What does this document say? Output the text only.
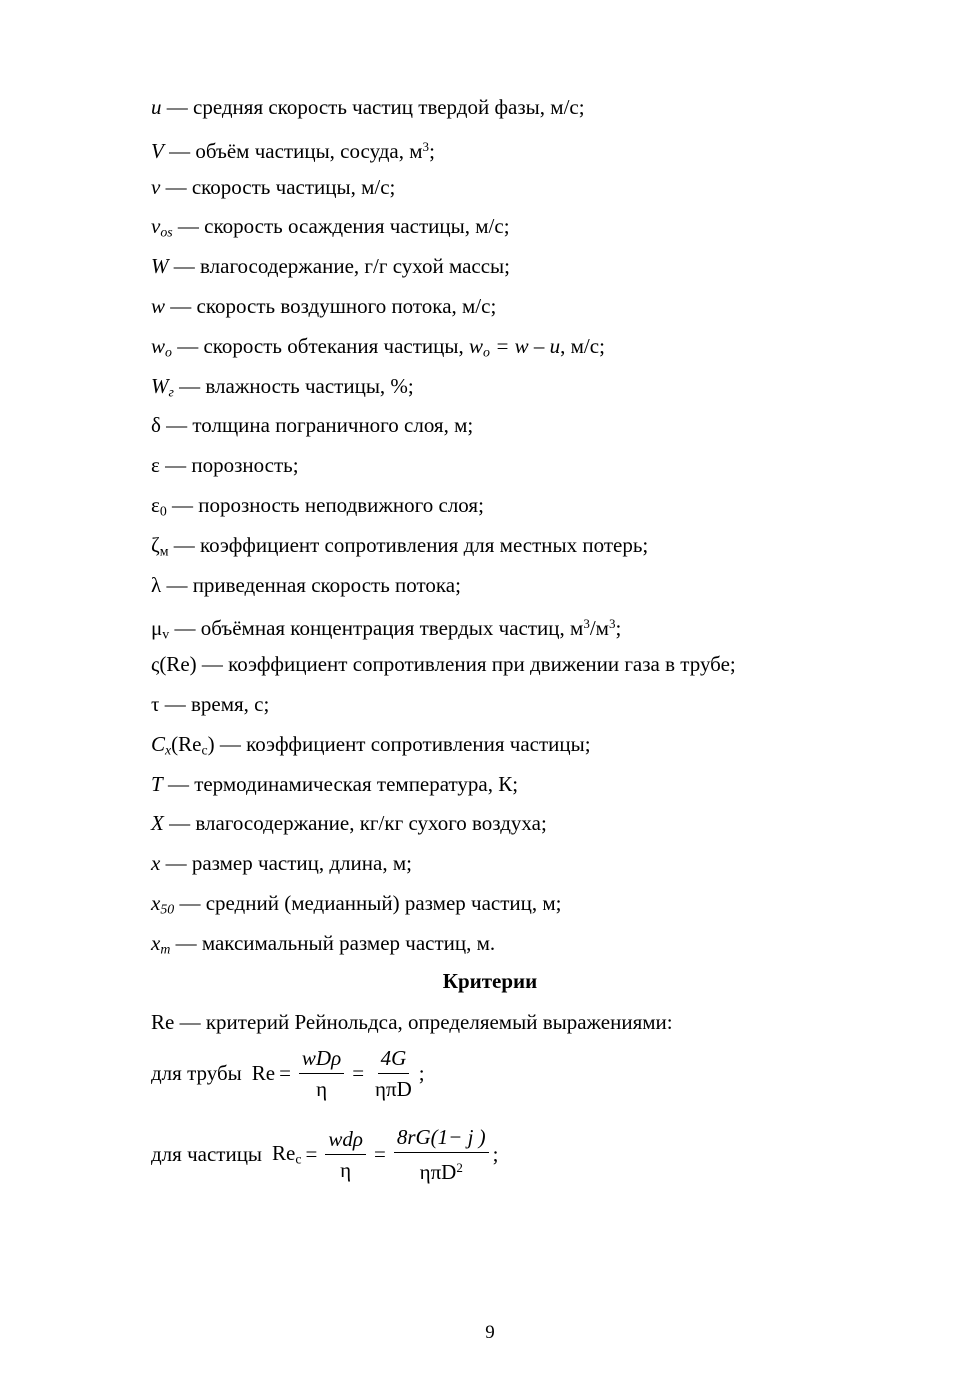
u — средняя скорость частиц твердой фазы, м/с;
V — объём частицы, сосуда, $м^3$;
v — скорость частицы, м/с;
$v_{os}$ — скорость осаждения частицы, м/с;
W — влагосодержание, г/г сухой массы;
w — скорость воздушного потока, м/с;
$w_o$ — скорость обтекания частицы, $w_o = w - u$, м/с;
$W_г$ — влажность частицы, %;
δ — толщина пограничного слоя, м;
ε — порозность;
$\varepsilon_0$ — порозность неподвижного слоя;
$\zeta_м$ — коэффициент сопротивления для местных потерь;
λ — приведенная скорость потока;
$\mu_v$ — объёмная концентрация твердых частиц, $м^3/м^3$;
ς(Re) — коэффициент сопротивления при движении газа в трубе;
τ — время, с;
$C_x(Re_c)$ — коэффициент сопротивления частицы;
T — термодинамическая температура, К;
X — влагосодержание, кг/кг сухого воздуха;
x — размер частиц, длина, м;
$x_{50}$ — средний (медианный) размер частиц, м;
$x_m$ — максимальный размер частиц, м.
Критерии
Re — критерий Рейнольдса, определяемый выражениями:
для трубы $Re = \frac{\text{wDρ}}{\eta} = \frac{4G}{\text{ηπD}}$ ;
для частицы $Re_c = \frac{\text{wdρ}}{\eta} = \frac{8rG(1- j )}{\eta\pi D^2}$ ;
9
